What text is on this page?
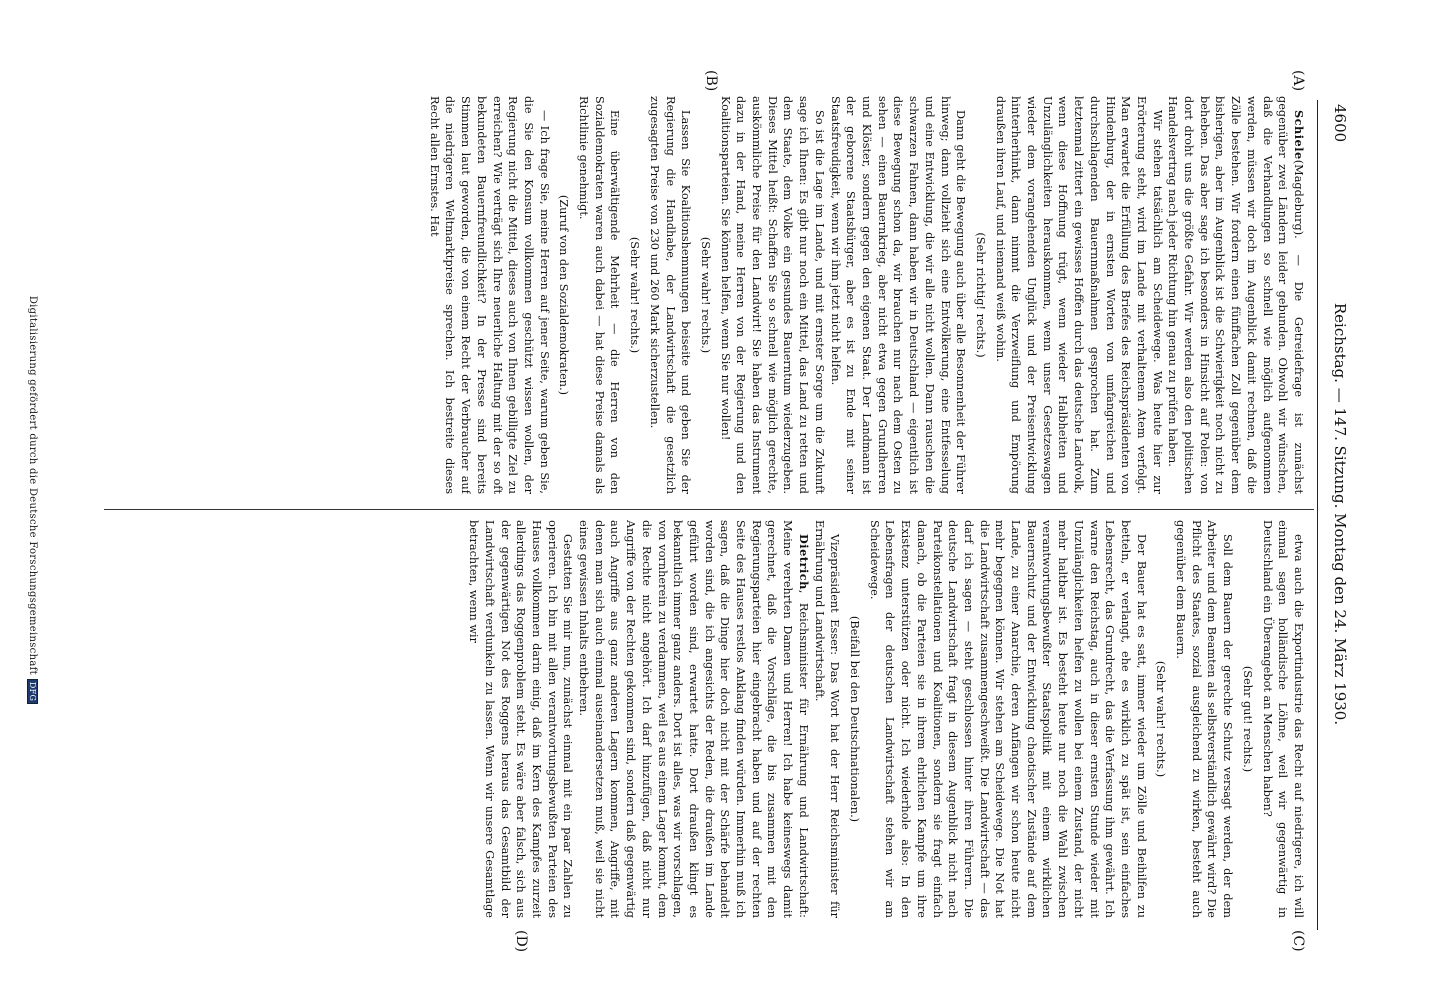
4600
Reichstag. — 147. Sitzung. Montag den 24. März 1930.
(A)
(B)
(C)
(D)

Schiele(Magdeburg). — Die Getreidefrage ist zunächst gegenüber zwei Ländern leider gebunden. Obwohl wir wünschen, daß die Verhandlungen so schnell wie möglich aufgenommen werden, müssen wir doch im Augenblick damit rechnen, daß die Zölle bestehen. Wir fordern einen fünffachen Zoll gegenüber dem bisherigen, aber im Augenblick ist die Schwierigkeit noch nicht zu beheben. Das aber sage ich besonders in Hinsicht auf Polen: von dort droht uns die größte Gefahr. Wir werden also den politischen Handelsvertrag nach jeder Richtung hin genau zu prüfen haben.

Wir stehen tatsächlich am Scheidewege. Was heute hier zur Erörterung steht, wird im Lande mit verhaltenem Atem verfolgt. Man erwartet die Erfüllung des Briefes des Reichspräsidenten von Hindenburg, der in ernsten Worten von umfangreichen und durchschlagenden Bauernmaßnahmen gesprochen hat. Zum letztenmal zittert ein gewisses Hoffen durch das deutsche Landvolk, wenn diese Hoffnung trügt, wenn wieder Halbheiten und Unzulänglichkeiten herauskommen, wenn unser Gesetzeswagen wieder dem vorangehenden Unglück und der Preisentwicklung hinterherhinkt, dann nimmt die Verzweiflung und Empörung draußen ihren Lauf, und niemand weiß wohin.

(Sehr richtig! rechts.)

Dann geht die Bewegung auch über alle Besonnenheit der Führer hinweg; dann vollzieht sich eine Entvölkerung, eine Entfesselung und eine Entwicklung, die wir alle nicht wollen. Dann rauschen die schwarzen Fahnen, dann haben wir in Deutschland — eigentlich ist diese Bewegung schon da, wir brauchen nur nach dem Osten zu sehen — einen Bauernkrieg, aber nicht etwa gegen Grundherren und Klöster, sondern gegen den eigenen Staat. Der Landmann ist der geborene Staatsbürger, aber es ist zu Ende mit seiner Staatsfreudigkeit, wenn wir ihm jetzt nicht helfen.

So ist die Lage im Lande, und mit ernster Sorge um die Zukunft sage ich Ihnen: Es gibt nur noch ein Mittel, das Land zu retten und dem Staate, dem Volke ein gesundes Bauerntum wiederzugeben. Dieses Mittel heißt: Schaffen Sie so schnell wie möglich gerechte, auskömmliche Preise für den Landwirt! Sie haben das Instrument dazu in der Hand, meine Herren von der Regierung und den Koalitionsparteien. Sie können helfen, wenn Sie nur wollen!

(Sehr wahr! rechts.)

Lassen Sie Koalitionshemmungen beiseite und geben Sie der Regierung die Handhabe, der Landwirtschaft die gesetzlich zugesagten Preise von 230 und 260 Mark sicherzustellen.

(Sehr wahr! rechts.)

Eine überwältigende Mehrheit — die Herren von den Sozialdemokraten waren auch dabei — hat diese Preise damals als Richtlinie genehmigt.

(Zuruf von den Sozialdemokraten.)

— Ich frage Sie, meine Herren auf jener Seite, warum geben Sie, die Sie den Konsum vollkommen geschützt wissen wollen, der Regierung nicht die Mittel, dieses auch von Ihnen gebilligte Ziel zu erreichen? Wie verträgt sich Ihre neuerliche Haltung mit der so oft bekundeten Bauernfreundlichkeit? In der Presse sind bereits Stimmen laut geworden, die von einem Recht der Verbraucher auf die niedrigeren Weltmarktpreise sprechen. Ich bestreite dieses Recht allen Ernstes. Hat

etwa auch die Exportindustrie das Recht auf niedrigere, ich will einmal sagen holländische Löhne, weil wir gegenwärtig in Deutschland ein Überangebot an Menschen haben?

(Sehr gut! rechts.)

Soll dem Bauern der gerechte Schutz versagt werden, der dem Arbeiter und dem Beamten als selbstverständlich gewährt wird? Die Pflicht des Staates, sozial ausgleichend zu wirken, besteht auch gegenüber dem Bauern.

(Sehr wahr! rechts.)

Der Bauer hat es satt, immer wieder um Zölle und Beihilfen zu betteln, er verlangt, ehe es wirklich zu spät ist, sein einfaches Lebensrecht, das Grundrecht, das die Verfassung ihm gewährt. Ich warne den Reichstag, auch in dieser ernsten Stunde wieder mit Unzulänglichkeiten helfen zu wollen bei einem Zustand, der nicht mehr haltbar ist. Es besteht heute nur noch die Wahl zwischen verantwortungsbewußter Staatspolitik mit einem wirklichen Bauernschutz und der Entwicklung chaotischer Zustände auf dem Lande, zu einer Anarchie, deren Anfängen wir schon heute nicht mehr begegnen können. Wir stehen am Scheidewege. Die Not hat die Landwirtschaft zusammengeschweißt. Die Landwirtschaft — das darf ich sagen — steht geschlossen hinter ihren Führern. Die deutsche Landwirtschaft fragt in diesem Augenblick nicht nach Parteikonstellationen und Koalitionen, sondern sie fragt einfach danach, ob die Parteien sie in ihrem ehrlichen Kampfe um ihre Existenz unterstützen oder nicht. Ich wiederhole also: In den Lebensfragen der deutschen Landwirtschaft stehen wir am Scheidewege.

(Beifall bei den Deutschnationalen.)

Vizepräsident Esser: Das Wort hat der Herr Reichsminister für Ernährung und Landwirtschaft.

Dietrich, Reichsminister für Ernährung und Landwirtschaft: Meine verehrten Damen und Herren! Ich habe keineswegs damit gerechnet, daß die Vorschläge, die bis zusammen mit den Regierungsparteien hier eingebracht haben und auf der rechten Seite des Hauses restlos Anklang finden würden. Immerhin muß ich sagen, daß die Dinge hier doch nicht mit der Schärfe behandelt worden sind, die ich angesichts der Reden, die draußen im Lande geführt worden sind, erwartet hatte. Dort draußen klingt es bekanntlich immer ganz anders. Dort ist alles, was wir vorschlagen, von vornherein zu verdammen, weil es aus einem Lager kommt, dem die Rechte nicht angehört. Ich darf hinzufügen, daß nicht nur Angriffe von der Rechten gekommen sind, sondern daß gegenwärtig auch Angriffe aus ganz anderen Lagern kommen, Angriffe, mit denen man sich auch einmal auseinandersetzen muß, weil sie nicht eines gewissen Inhalts entbehren.

Gestatten Sie mir nun, zunächst einmal mit ein paar Zahlen zu operieren. Ich bin mit allen verantwortungsbewußten Parteien des Hauses vollkommen darin einig, daß im Kern des Kampfes zurzeit allerdings das Roggenproblem steht. Es wäre aber falsch, sich aus der gegenwärtigen Not des Roggens heraus das Gesamtbild der Landwirtschaft verdunkeln zu lassen. Wenn wir unsere Gesamtlage betrachten, wenn wir

Digitalisierung gefördert durch die Deutsche ForschungsgemeinschaftDFG
